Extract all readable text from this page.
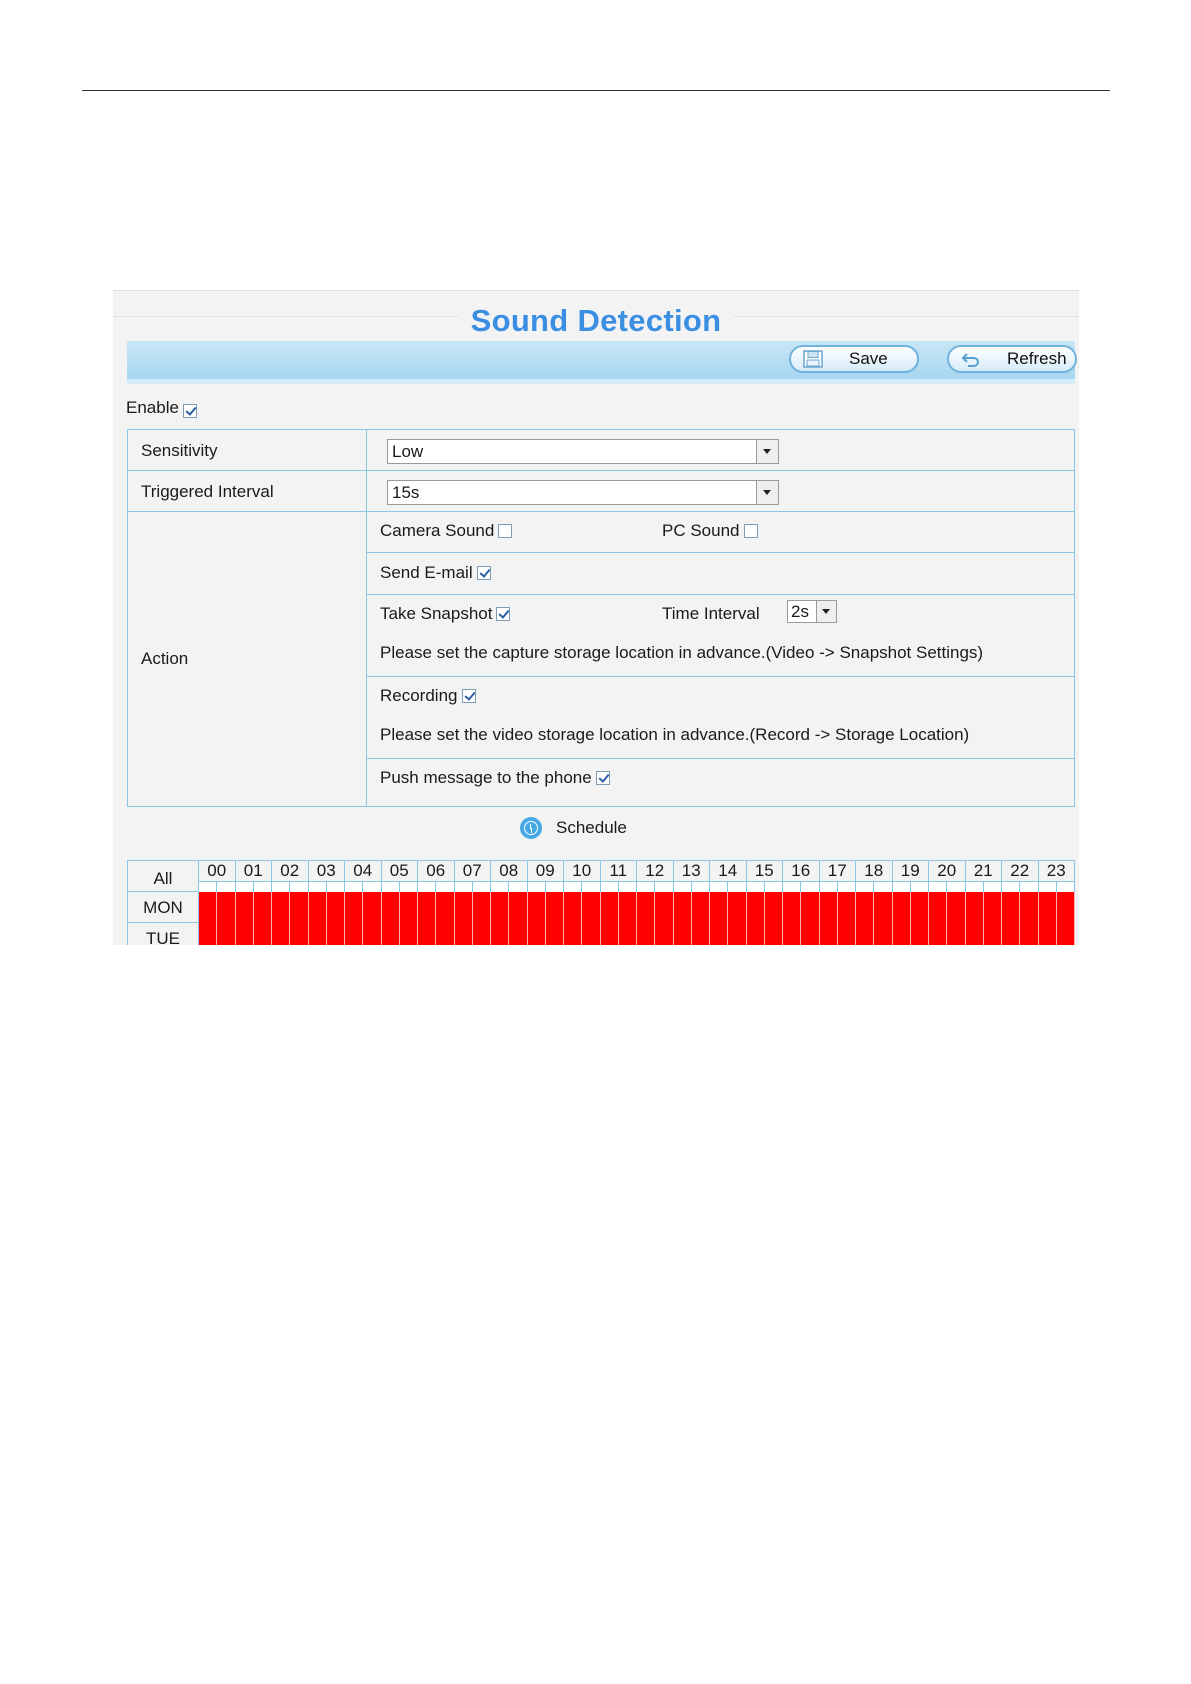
Sound Detection
Save	Refresh
Enable
Sensitivity	Low
Triggered Interval	15s
Action
Camera Sound	PC Sound
Send E-mail
Take Snapshot	Time Interval 2s
Please set the capture storage location in advance.(Video -> Snapshot Settings)
Recording
Please set the video storage location in advance.(Record -> Storage Location)
Push message to the phone
Schedule
All	00	01	02	03	04	05	06	07	08	09	10	11	12	13	14	15	16	17	18	19	20	21	22	23
MON
TUE
